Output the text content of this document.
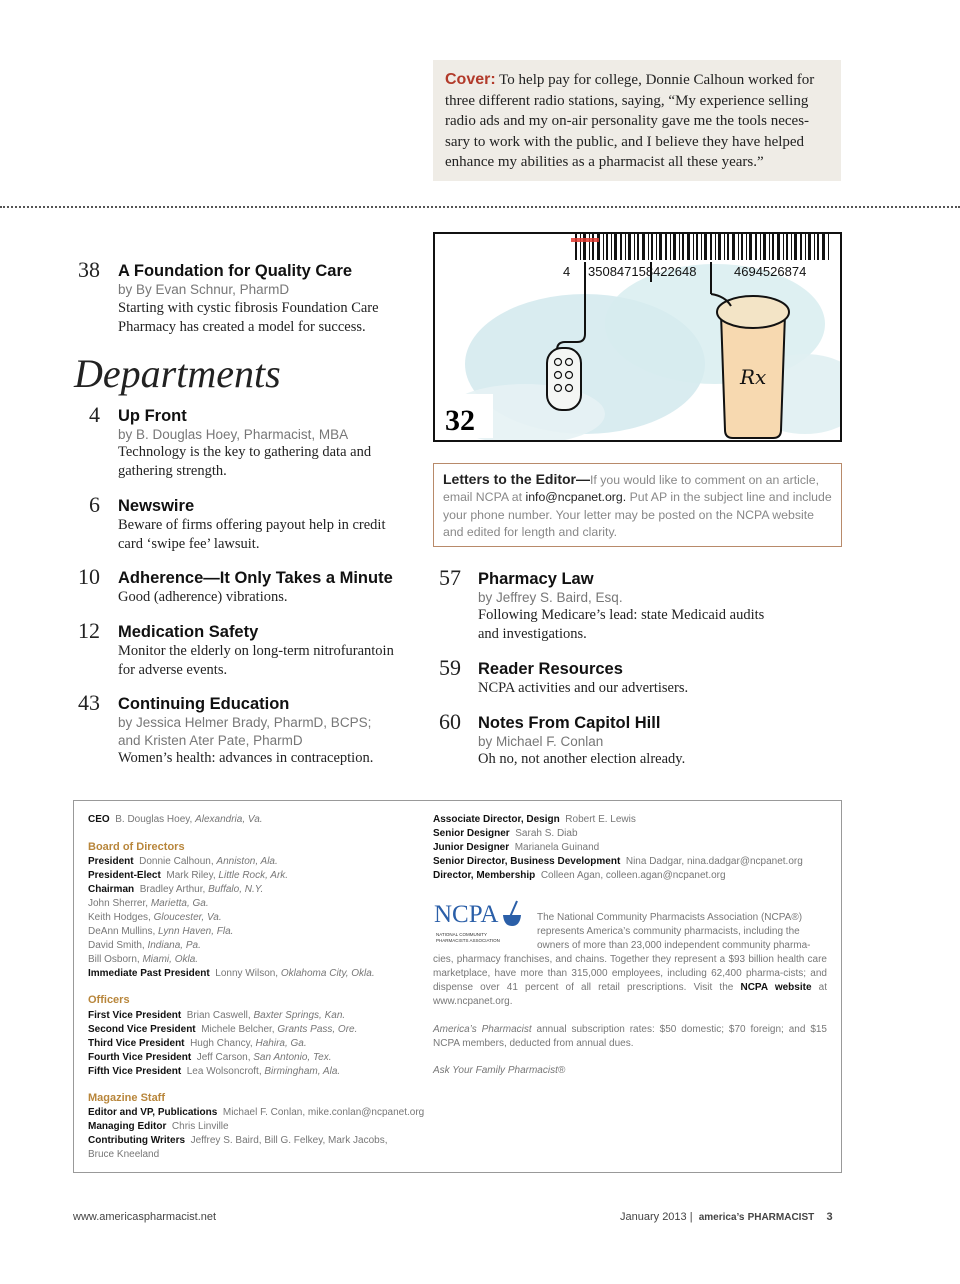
Cover: To help pay for college, Donnie Calhoun worked for three different radio stations, saying, “My experience selling radio ads and my on-air personality gave me the tools neces-sary to work with the public, and I believe they have helped enhance my abilities as a pharmacist all these years.”

38 A Foundation for Quality Care
by By Evan Schnur, PharmD
Starting with cystic fibrosis Foundation Care Pharmacy has created a model for success.
Departments
4 Up Front
by B. Douglas Hoey, Pharmacist, MBA
Technology is the key to gathering data and gathering strength.
6 Newswire
Beware of firms offering payout help in credit card ‘swipe fee’ lawsuit.
10 Adherence—It Only Takes a Minute
Good (adherence) vibrations.
12 Medication Safety
Monitor the elderly on long-term nitrofurantoin for adverse events.
43 Continuing Education
by Jessica Helmer Brady, PharmD, BCPS; and Kristen Ater Pate, PharmD
Women’s health: advances in contraception.
4 350847158422648	4694526874
Rx
32
Letters to the Editor—If you would like to comment on an article, email NCPA at info@ncpanet.org. Put AP in the subject line and include your phone number. Your letter may be posted on the NCPA website and edited for length and clarity.
57 Pharmacy Law
by Jeffrey S. Baird, Esq.
Following Medicare’s lead: state Medicaid audits and investigations.
59 Reader Resources
NCPA activities and our advertisers.
60 Notes From Capitol Hill
by Michael F. Conlan
Oh no, not another election already.
CEO B. Douglas Hoey, Alexandria, Va.
Board of Directors
President Donnie Calhoun, Anniston, Ala.
President-Elect Mark Riley, Little Rock, Ark.
Chairman Bradley Arthur, Buffalo, N.Y.
John Sherrer, Marietta, Ga.
Keith Hodges, Gloucester, Va.
DeAnn Mullins, Lynn Haven, Fla.
David Smith, Indiana, Pa.
Bill Osborn, Miami, Okla.
Immediate Past President Lonny Wilson, Oklahoma City, Okla.
Officers
First Vice President Brian Caswell, Baxter Springs, Kan.
Second Vice President Michele Belcher, Grants Pass, Ore.
Third Vice President Hugh Chancy, Hahira, Ga.
Fourth Vice President Jeff Carson, San Antonio, Tex.
Fifth Vice President Lea Wolsoncroft, Birmingham, Ala.
Magazine Staff
Editor and VP, Publications Michael F. Conlan, mike.conlan@ncpanet.org
Managing Editor Chris Linville
Contributing Writers Jeffrey S. Baird, Bill G. Felkey, Mark Jacobs,
Bruce Kneeland
Associate Director, Design Robert E. Lewis
Senior Designer Sarah S. Diab
Junior Designer Marianela Guinand
Senior Director, Business Development Nina Dadgar, nina.dadgar@ncpanet.org
Director, Membership Colleen Agan, colleen.agan@ncpanet.org
NCPA
NATIONAL COMMUNITY
PHARMACISTS ASSOCIATION
The National Community Pharmacists Association (NCPA®)
represents America’s community pharmacists, including the
owners of more than 23,000 independent community pharma-
cies, pharmacy franchises, and chains. Together they represent a $93 billion health care marketplace, have more than 315,000 employees, including 62,400 pharma-cists; and dispense over 41 percent of all retail prescriptions. Visit the NCPA website at www.ncpanet.org.
America’s Pharmacist annual subscription rates: $50 domestic; $70 foreign; and $15 NCPA members, deducted from annual dues.
Ask Your Family Pharmacist®
www.americaspharmacist.net	January 2013 | america’s PHARMACIST 3
